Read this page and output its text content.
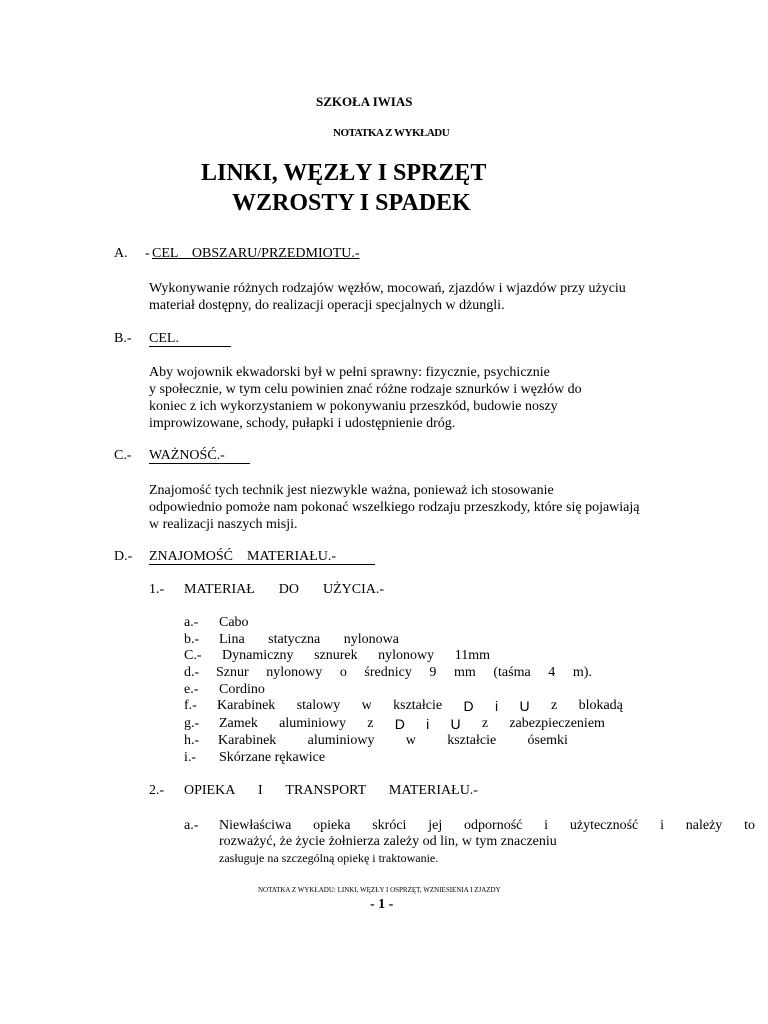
SZKOŁA IWIAS
NOTATKA Z WYKŁADU
LINKI, WĘZŁY I SPRZĘT
WZROSTY I SPADEK
A. - CEL    OBSZARU/PRZEDMIOTU.-
Wykonywanie różnych rodzajów węzłów, mocowań, zjazdów i wjazdów przy użyciu
materiał dostępny, do realizacji operacji specjalnych w dżungli.
B.- CEL.
Aby wojownik ekwadorski był w pełni sprawny: fizycznie, psychicznie
y społecznie, w tym celu powinien znać różne rodzaje sznurków i węzłów do
koniec z ich wykorzystaniem w pokonywaniu przeszkód, budowie noszy
improwizowane, schody, pułapki i udostępnienie dróg.
C.- WAŻNOŚĆ.-
Znajomość tych technik jest niezwykle ważna, ponieważ ich stosowanie
odpowiednio pomoże nam pokonać wszelkiego rodzaju przeszkody, które się pojawiają
w realizacji naszych misji.
D.- ZNAJOMOŚĆ    MATERIAŁU.-
1.- MATERIAŁ DO UŻYCIA.-
a.- Cabo
b.- Lina statyczna nylonowa
C.- Dynamiczny sznurek nylonowy 11mm
d.- Sznur nylonowy o średnicy 9 mm (taśma 4 m).
e.- Cordino
f.- Karabinek stalowy w kształcie D i U z blokadą
g.- Zamek aluminiowy z D i U z zabezpieczeniem
h.- Karabinek aluminiowy w kształcie ósemki
i.- Skórzane rękawice
2.- OPIEKA I TRANSPORT MATERIAŁU.-
a.- Niewłaściwa opieka skróci jej odporność i użyteczność i należy to
rozważyć, że życie żołnierza zależy od lin, w tym znaczeniu
zasługuje na szczególną opiekę i traktowanie.
NOTATKA Z WYKŁADU: LINKI, WĘZŁY I OSPRZĘT, WZNIESIENIA I ZJAZDY
- 1 -
